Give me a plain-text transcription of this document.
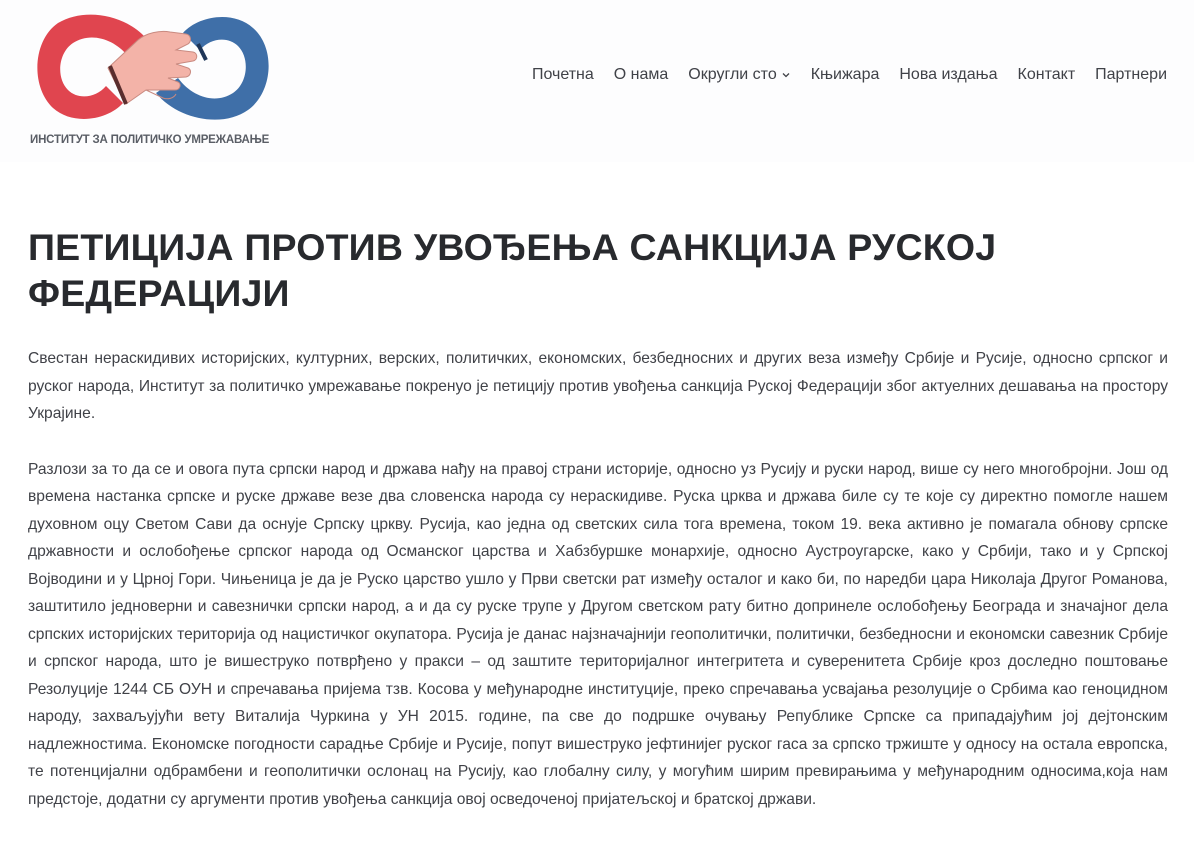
ИНСТИТУТ ЗА ПОЛИТИЧКО УМРЕЖАВАЊЕ
Почетна О нама Округли сто Књижара Нова издања Контакт Партнери
ПЕТИЦИЈА ПРОТИВ УВОЂЕЊА САНКЦИЈА РУСКОЈ ФЕДЕРАЦИЈИ

Свестан нераскидивих историјских, културних, верских, политичких, економских, безбедносних и других веза између Србије и Русије, односно српског и руског народа, Институт за политичко умрежавање покренуо је петицију против увођења санкција Руској Федерацији због актуелних дешавања на простору Украјине.

Разлози за то да се и овога пута српски народ и држава нађу на правој страни историје, односно уз Русију и руски народ, више су него многобројни. Још од времена настанка српске и руске државе везе два словенска народа су нераскидиве. Руска црква и држава биле су те које су директно помогле нашем духовном оцу Светом Сави да оснује Српску цркву. Русија, као једна од светских сила тога времена, током 19. века активно је помагала обнову српске државности и ослобођење српског народа од Османског царства и Хабзбуршке монархије, односно Аустроугарске, како у Србији, тако и у Српској Војводини и у Црној Гори. Чињеница је да је Руско царство ушло у Први светски рат између осталог и како би, по наредби цара Николаја Другог Романова, заштитило једноверни и савезнички српски народ, а и да су руске трупе у Другом светском рату битно допринеле ослобођењу Београда и значајног дела српских историјских територија од нацистичког окупатора. Русија је данас најзначајнији геополитички, политички, безбедносни и економски савезник Србије и српског народа, што је вишеструко потврђено у пракси – од заштите територијалног интегритета и суверенитета Србије кроз доследно поштовање Резолуције 1244 СБ ОУН и спречавања пријема тзв. Косова у међународне институције, преко спречавања усвајања резолуције о Србима као геноцидном народу, захваљујући вету Виталија Чуркина у УН 2015. године, па све до подршке очувању Републике Српске са припадајућим јој дејтонским надлежностима. Економске погодности сарадње Србије и Русије, попут вишеструко јефтинијег руског гаса за српско тржиште у односу на остала европска, те потенцијални одбрамбени и геополитички ослонац на Русију, као глобалну силу, у могућим ширим превирањима у међународним односима,која нам предстоје, додатни су аргументи против увођења санкција овој осведоченој пријатељској и братској држави.
